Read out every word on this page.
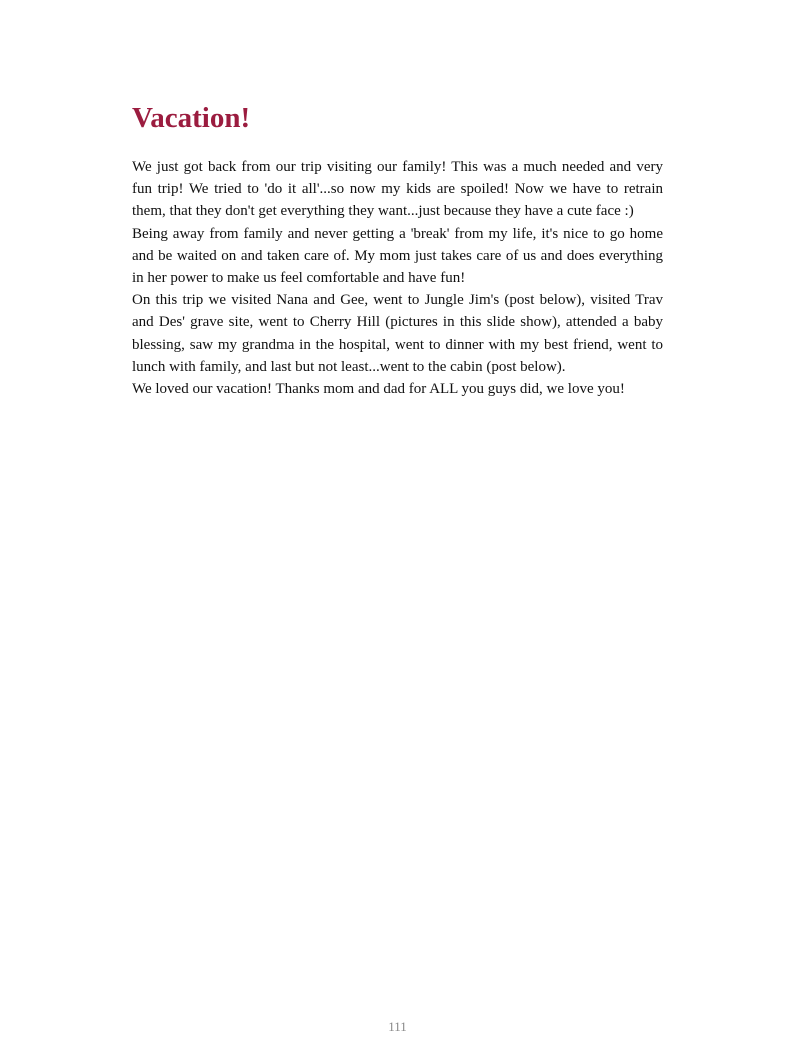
Vacation!

We just got back from our trip visiting our family! This was a much needed and very fun trip! We tried to 'do it all'...so now my kids are spoiled! Now we have to retrain them, that they don't get everything they want...just because they have a cute face :)

Being away from family and never getting a 'break' from my life, it's nice to go home and be waited on and taken care of. My mom just takes care of us and does everything in her power to make us feel comfortable and have fun!

On this trip we visited Nana and Gee, went to Jungle Jim's (post below), visited Trav and Des' grave site, went to Cherry Hill (pictures in this slide show), attended a baby blessing, saw my grandma in the hospital, went to dinner with my best friend, went to lunch with family, and last but not least...went to the cabin (post below).

We loved our vacation! Thanks mom and dad for ALL you guys did, we love you!

111
